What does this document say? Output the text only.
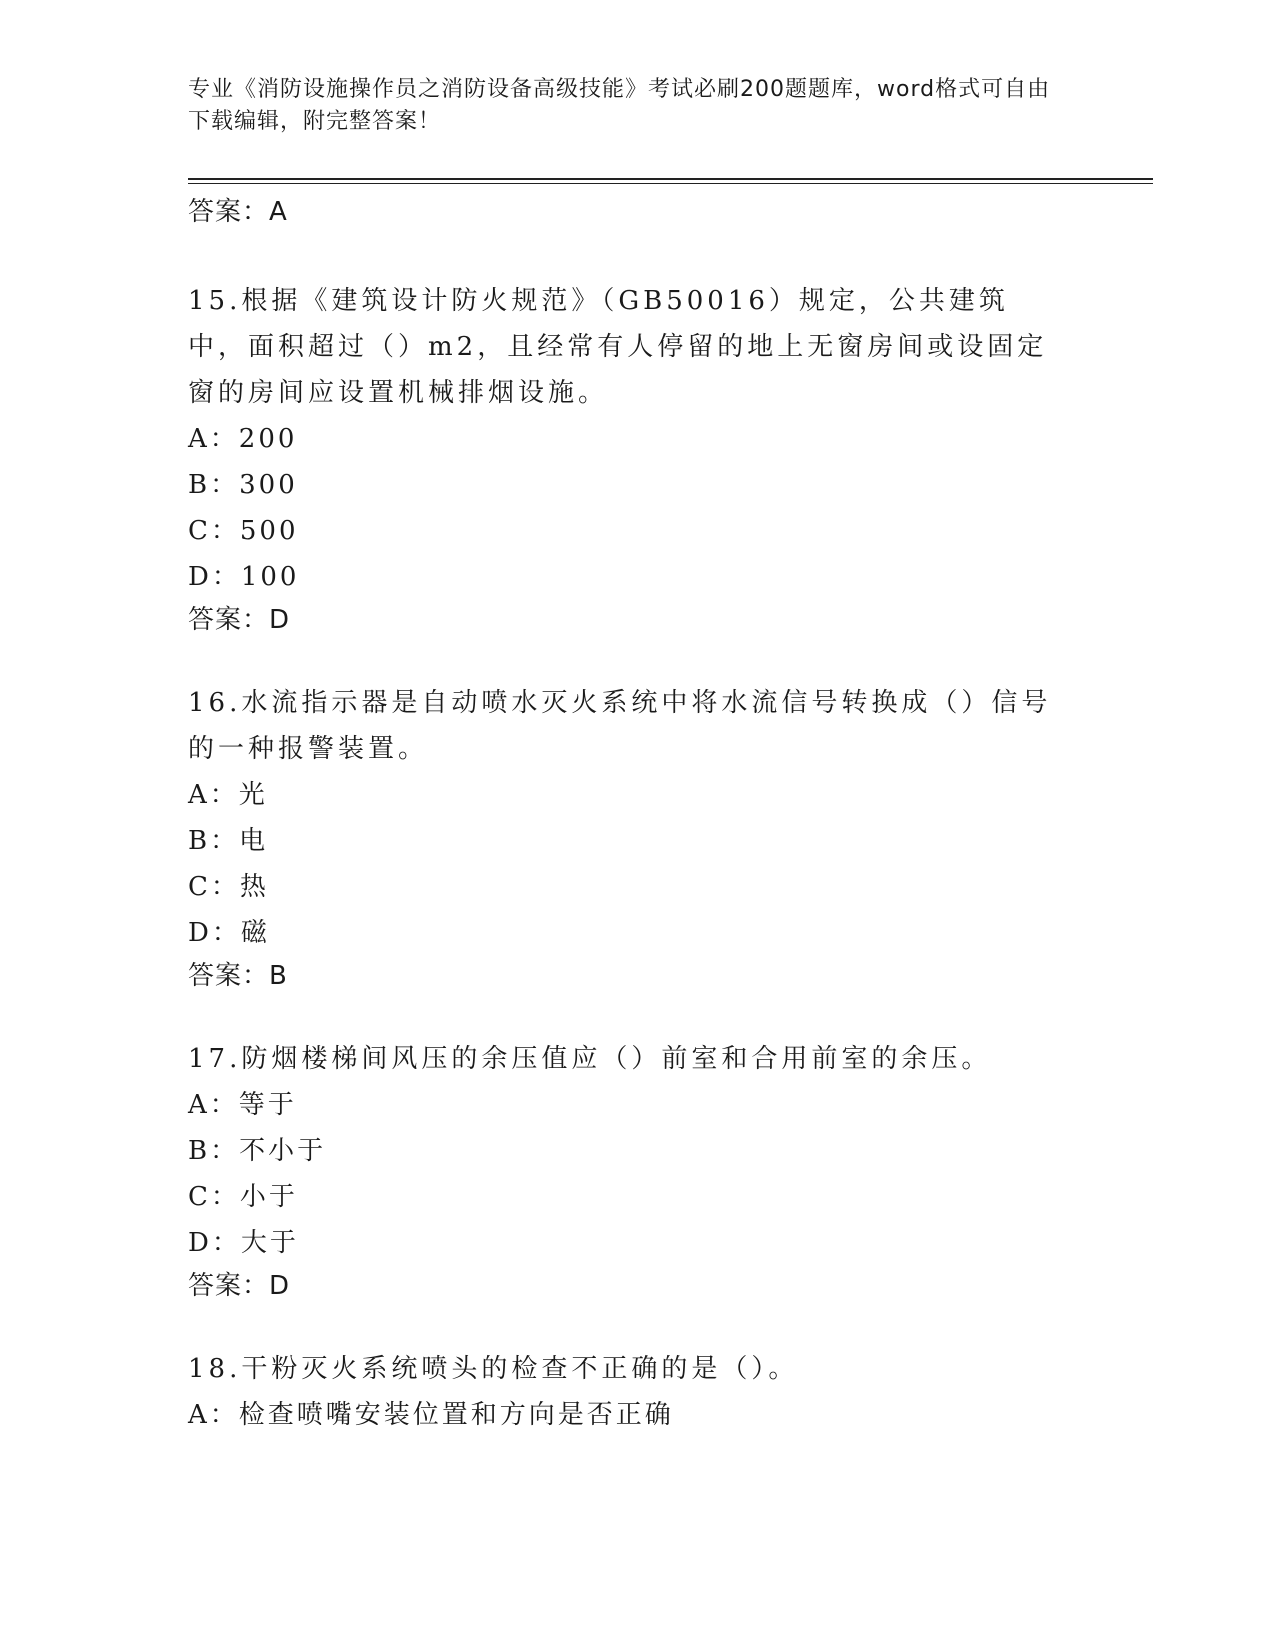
专业《消防设施操作员之消防设备高级技能》考试必刷200题题库，word格式可自由下载编辑，附完整答案！
答案：A
15.根据《建筑设计防火规范》（GB50016）规定，公共建筑中，面积超过（）m2，且经常有人停留的地上无窗房间或设固定窗的房间应设置机械排烟设施。
A：200
B：300
C：500
D：100
答案：D
16.水流指示器是自动喷水灭火系统中将水流信号转换成（）信号的一种报警装置。
A：光
B：电
C：热
D：磁
答案：B
17.防烟楼梯间风压的余压值应（）前室和合用前室的余压。
A：等于
B：不小于
C：小于
D：大于
答案：D
18.干粉灭火系统喷头的检查不正确的是（）。
A：检查喷嘴安装位置和方向是否正确
